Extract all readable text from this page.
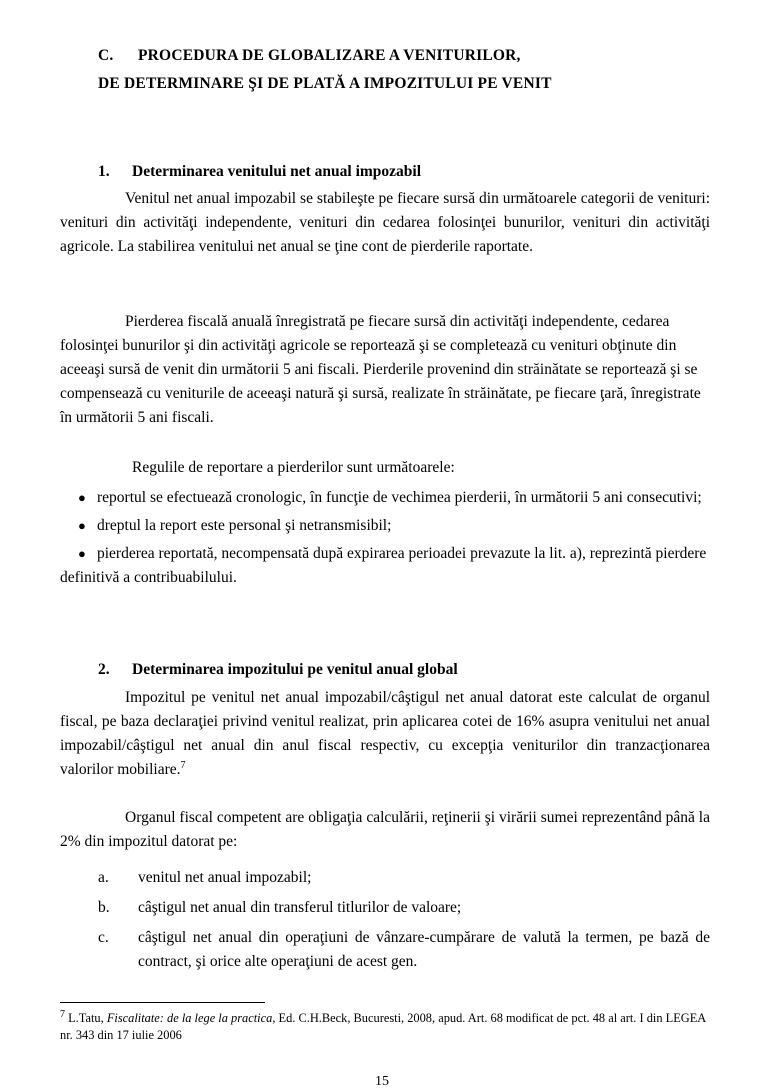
C. PROCEDURA DE GLOBALIZARE A VENITURILOR,
DE DETERMINARE ŞI DE PLATĂ A IMPOZITULUI PE VENIT
1. Determinarea venitului net anual impozabil
Venitul net anual impozabil se stabileşte pe fiecare sursă din următoarele categorii de venituri: venituri din activităţi independente, venituri din cedarea folosinţei bunurilor, venituri din activităţi agricole. La stabilirea venitului net anual se ţine cont de pierderile raportate.
Pierderea fiscală anuală înregistrată pe fiecare sursă din activităţi independente, cedarea folosinţei bunurilor şi din activităţi agricole se reportează şi se completează cu venituri obţinute din aceeaşi sursă de venit din următorii 5 ani fiscali. Pierderile provenind din străinătate se reportează şi se compensează cu veniturile de aceeaşi natură şi sursă, realizate în străinătate, pe fiecare ţară, înregistrate în următorii 5 ani fiscali.
Regulile de reportare a pierderilor sunt următoarele:
● reportul se efectuează cronologic, în funcţie de vechimea pierderii, în următorii 5 ani consecutivi;
● dreptul la report este personal şi netransmisibil;
● pierderea reportată, necompensată după expirarea perioadei prevazute la lit. a), reprezintă pierdere definitivă a contribuabilului.
2. Determinarea impozitului pe venitul anual global
Impozitul pe venitul net anual impozabil/câştigul net anual datorat este calculat de organul fiscal, pe baza declaraţiei privind venitul realizat, prin aplicarea cotei de 16% asupra venitului net anual impozabil/câştigul net anual din anul fiscal respectiv, cu excepţia veniturilor din tranzacţionarea valorilor mobiliare.$^7$
Organul fiscal competent are obligaţia calculării, reţinerii şi virării sumei reprezentând până la 2% din impozitul datorat pe:
a. venitul net anual impozabil;
b. câştigul net anual din transferul titlurilor de valoare;
c. câştigul net anual din operaţiuni de vânzare-cumpărare de valută la termen, pe bază de contract, şi orice alte operaţiuni de acest gen.
$^7$ L.Tatu, Fiscalitate: de la lege la practica, Ed. C.H.Beck, Bucuresti, 2008, apud. Art. 68 modificat de pct. 48 al art. I din LEGEA nr. 343 din 17 iulie 2006
15
